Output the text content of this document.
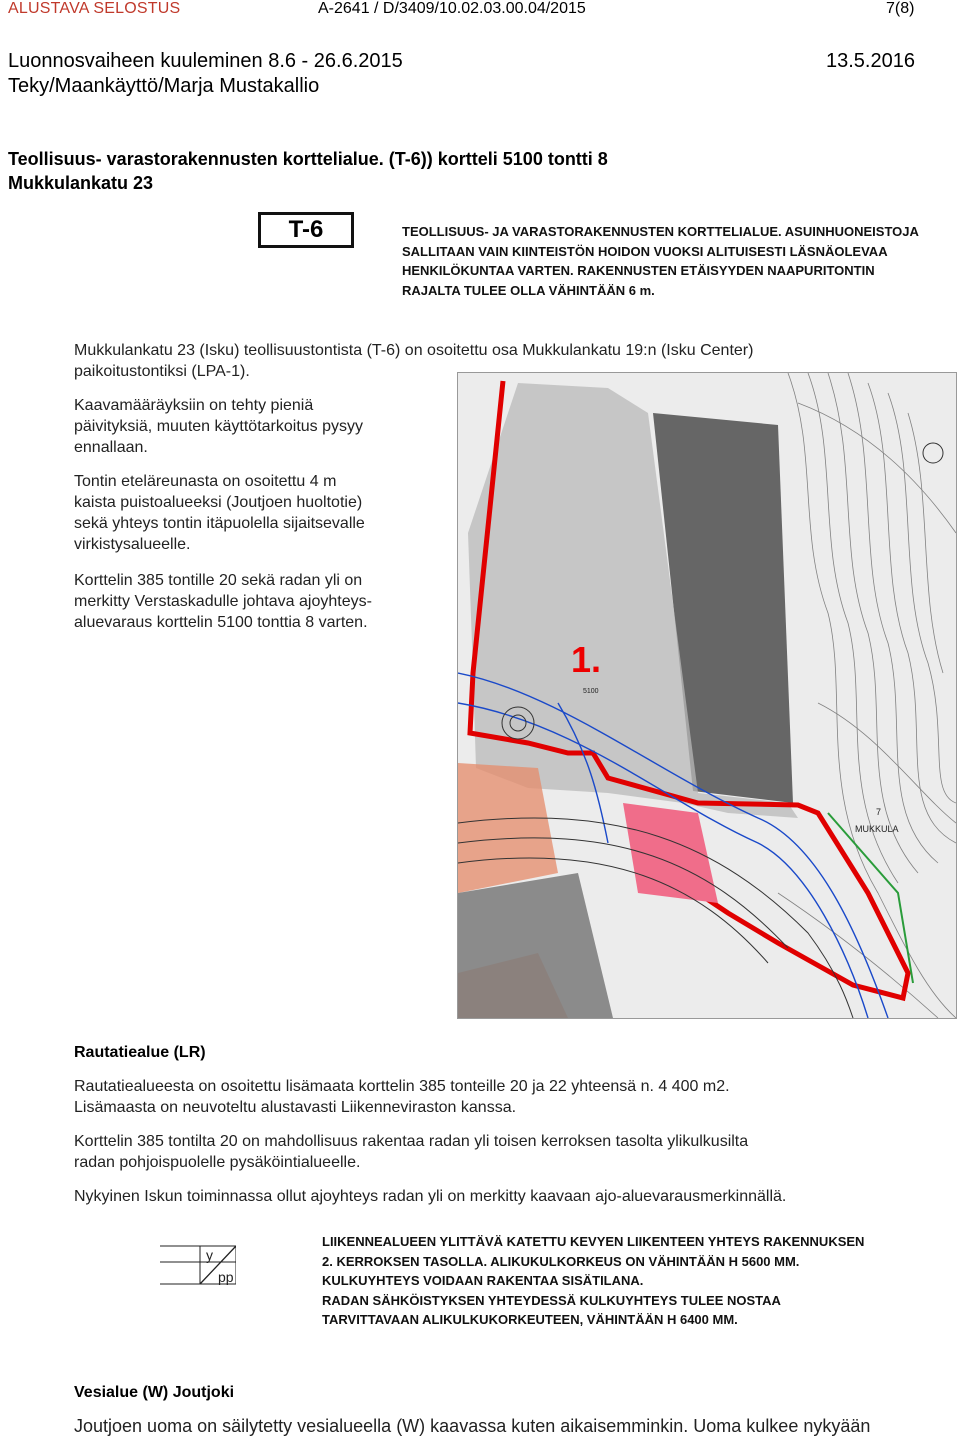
ALUSTAVA SELOSTUS	A-2641 / D/3409/10.02.03.00.04/2015	7(8)
Luonnosvaiheen kuuleminen 8.6 - 26.6.2015	13.5.2016
Teky/Maankäyttö/Marja Mustakallio
Teollisuus- varastorakennusten korttelialue. (T-6)) kortteli 5100 tontti 8
Mukkulankatu 23
T-6	TEOLLISUUS- JA VARASTORAKENNUSTEN KORTTELIALUE. ASUINHUONEISTOJA
SALLITAAN VAIN KIINTEISTÖN HOIDON VUOKSI ALITUISESTI LÄSNÄOLEVAA
HENKILÖKUNTAA VARTEN. RAKENNUSTEN ETÄISYYDEN NAAPURITONTIN
RAJALTA TULEE OLLA VÄHINTÄÄN 6 m.
Mukkulankatu 23 (Isku) teollisuustontista (T-6) on osoitettu osa Mukkulankatu 19:n (Isku Center)
paikoitustontiksi (LPA-1).
Kaavamääräyksiin on tehty pieniä
päivityksiä, muuten käyttötarkoitus pysyy
ennallaan.
Tontin eteläreunasta on osoitettu 4 m
kaista puistoalueeksi (Joutjoen huoltotie)
sekä yhteys tontin itäpuolella sijaitsevalle
virkistysalueelle.
Korttelin 385 tontille 20 sekä radan yli on
merkitty Verstaskadulle johtava ajoyhteys-
aluevaraus korttelin 5100 tonttia 8 varten.
5100
7
MUKKULA
1.
Rautatiealue (LR)
Rautatiealueesta on osoitettu lisämaata korttelin 385 tonteille 20 ja 22 yhteensä n. 4 400 m2.
Lisämaasta on neuvoteltu alustavasti Liikenneviraston kanssa.
Korttelin 385 tontilta 20 on mahdollisuus rakentaa radan yli toisen kerroksen tasolta ylikulkusilta
radan pohjoispuolelle pysäköintialueelle.
Nykyinen Iskun toiminnassa ollut ajoyhteys radan yli on merkitty kaavaan ajo-aluevarausmerkinnällä.
y
pp
LIIKENNEALUEEN YLITTÄVÄ KATETTU KEVYEN LIIKENTEEN YHTEYS RAKENNUKSEN
2. KERROKSEN TASOLLA. ALIKUKULKORKEUS ON VÄHINTÄÄN H 5600 MM.
KULKUYHTEYS VOIDAAN RAKENTAA SISÄTILANA.
RADAN SÄHKÖISTYKSEN YHTEYDESSÄ KULKUYHTEYS TULEE NOSTAA
TARVITTAVAAN ALIKULKUKORKEUTEEN, VÄHINTÄÄN H 6400 MM.
Vesialue (W) Joutjoki
Joutjoen uoma on säilytetty vesialueella (W) kaavassa kuten aikaisemminkin. Uoma kulkee nykyään
